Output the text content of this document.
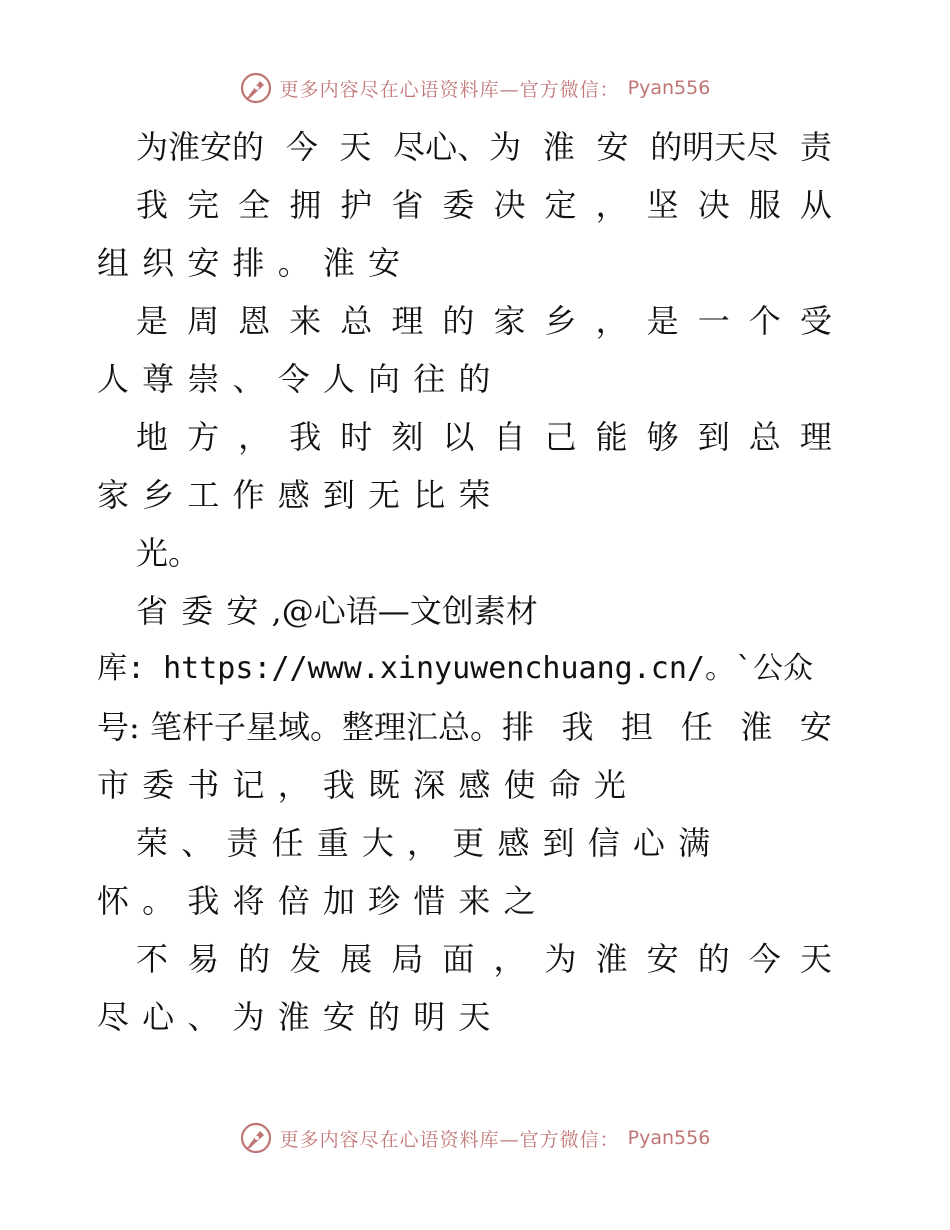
更多内容尽在心语资料库—官方微信： Pyan556
为淮安的 今 天 尽心、为 淮 安 的明天尽 责
我 完 全 拥 护 省 委 决 定 ， 坚 决 服 从
组 织 安 排 。 淮 安
是 周 恩 来 总 理 的 家 乡 ， 是 一 个 受
人 尊 崇 、 令 人 向 往 的
地 方 ， 我 时 刻 以 自 己 能 够 到 总 理
家 乡 工 作 感 到 无 比 荣
光。
省 委 安 ,@心语—文创素材
库: https://www.xinyuwenchuang.cn/。`公众
号: 笔杆子星域。整理汇总。排 我 担 任 淮 安
市 委 书 记 ， 我 既 深 感 使 命 光
荣 、 责 任 重 大 ， 更 感 到 信 心 满
怀 。 我 将 倍 加 珍 惜 来 之
不 易 的 发 展 局 面 ， 为 淮 安 的 今 天
尽 心 、 为 淮 安 的 明 天
更多内容尽在心语资料库—官方微信： Pyan556
